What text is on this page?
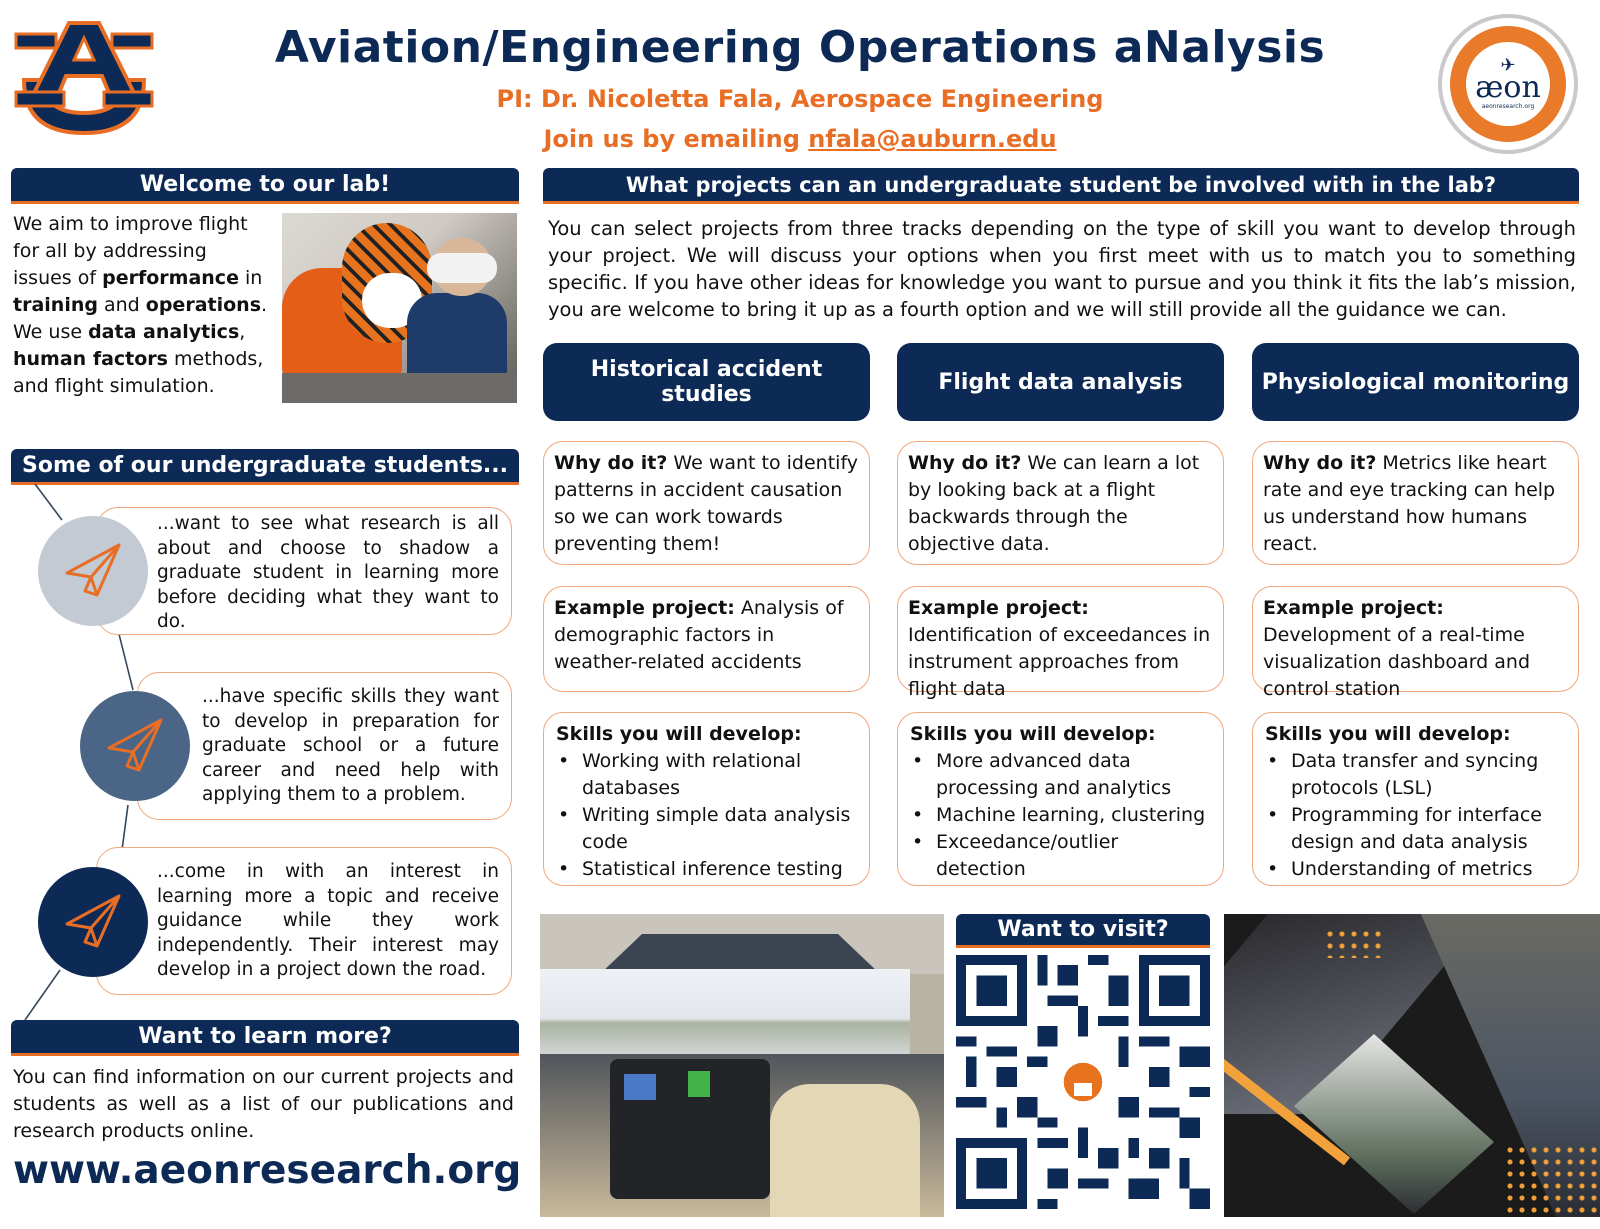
Aviation/Engineering Operations aNalysis
PI: Dr. Nicoletta Fala, Aerospace Engineering
Join us by emailing nfala@auburn.edu
✈
æon
aeonresearch.org
Welcome to our lab!
We aim to improve flight for all by addressing issues of performance in training and operations. We use data analytics, human factors methods, and flight simulation.
Some of our undergraduate students...
...want to see what research is all about and choose to shadow a graduate student in learning more before deciding what they want to do.
...have specific skills they want to develop in preparation for graduate school or a future career and need help with applying them to a problem.
...come in with an interest in learning more a topic and receive guidance while they work independently. Their interest may develop in a project down the road.
Want to learn more?
You can find information on our current projects and students as well as a list of our publications and research products online.
www.aeonresearch.org
What projects can an undergraduate student be involved with in the lab?
You can select projects from three tracks depending on the type of skill you want to develop through your project. We will discuss your options when you first meet with us to match you to something specific. If you have other ideas for knowledge you want to pursue and you think it fits the lab’s mission, you are welcome to bring it up as a fourth option and we will still provide all the guidance we can.
Historical accident studies
Why do it? We want to identify patterns in accident causation so we can work towards preventing them!
Example project: Analysis of demographic factors in weather-related accidents
Skills you will develop:
• Working with relational databases
• Writing simple data analysis code
• Statistical inference testing
Flight data analysis
Why do it? We can learn a lot by looking back at a flight backwards through the objective data.
Example project: Identification of exceedances in instrument approaches from flight data
Skills you will develop:
• More advanced data processing and analytics
• Machine learning, clustering
• Exceedance/outlier detection
Physiological monitoring
Why do it? Metrics like heart rate and eye tracking can help us understand how humans react.
Example project: Development of a real-time visualization dashboard and control station
Skills you will develop:
• Data transfer and syncing protocols (LSL)
• Programming for interface design and data analysis
• Understanding of metrics
Want to visit?
